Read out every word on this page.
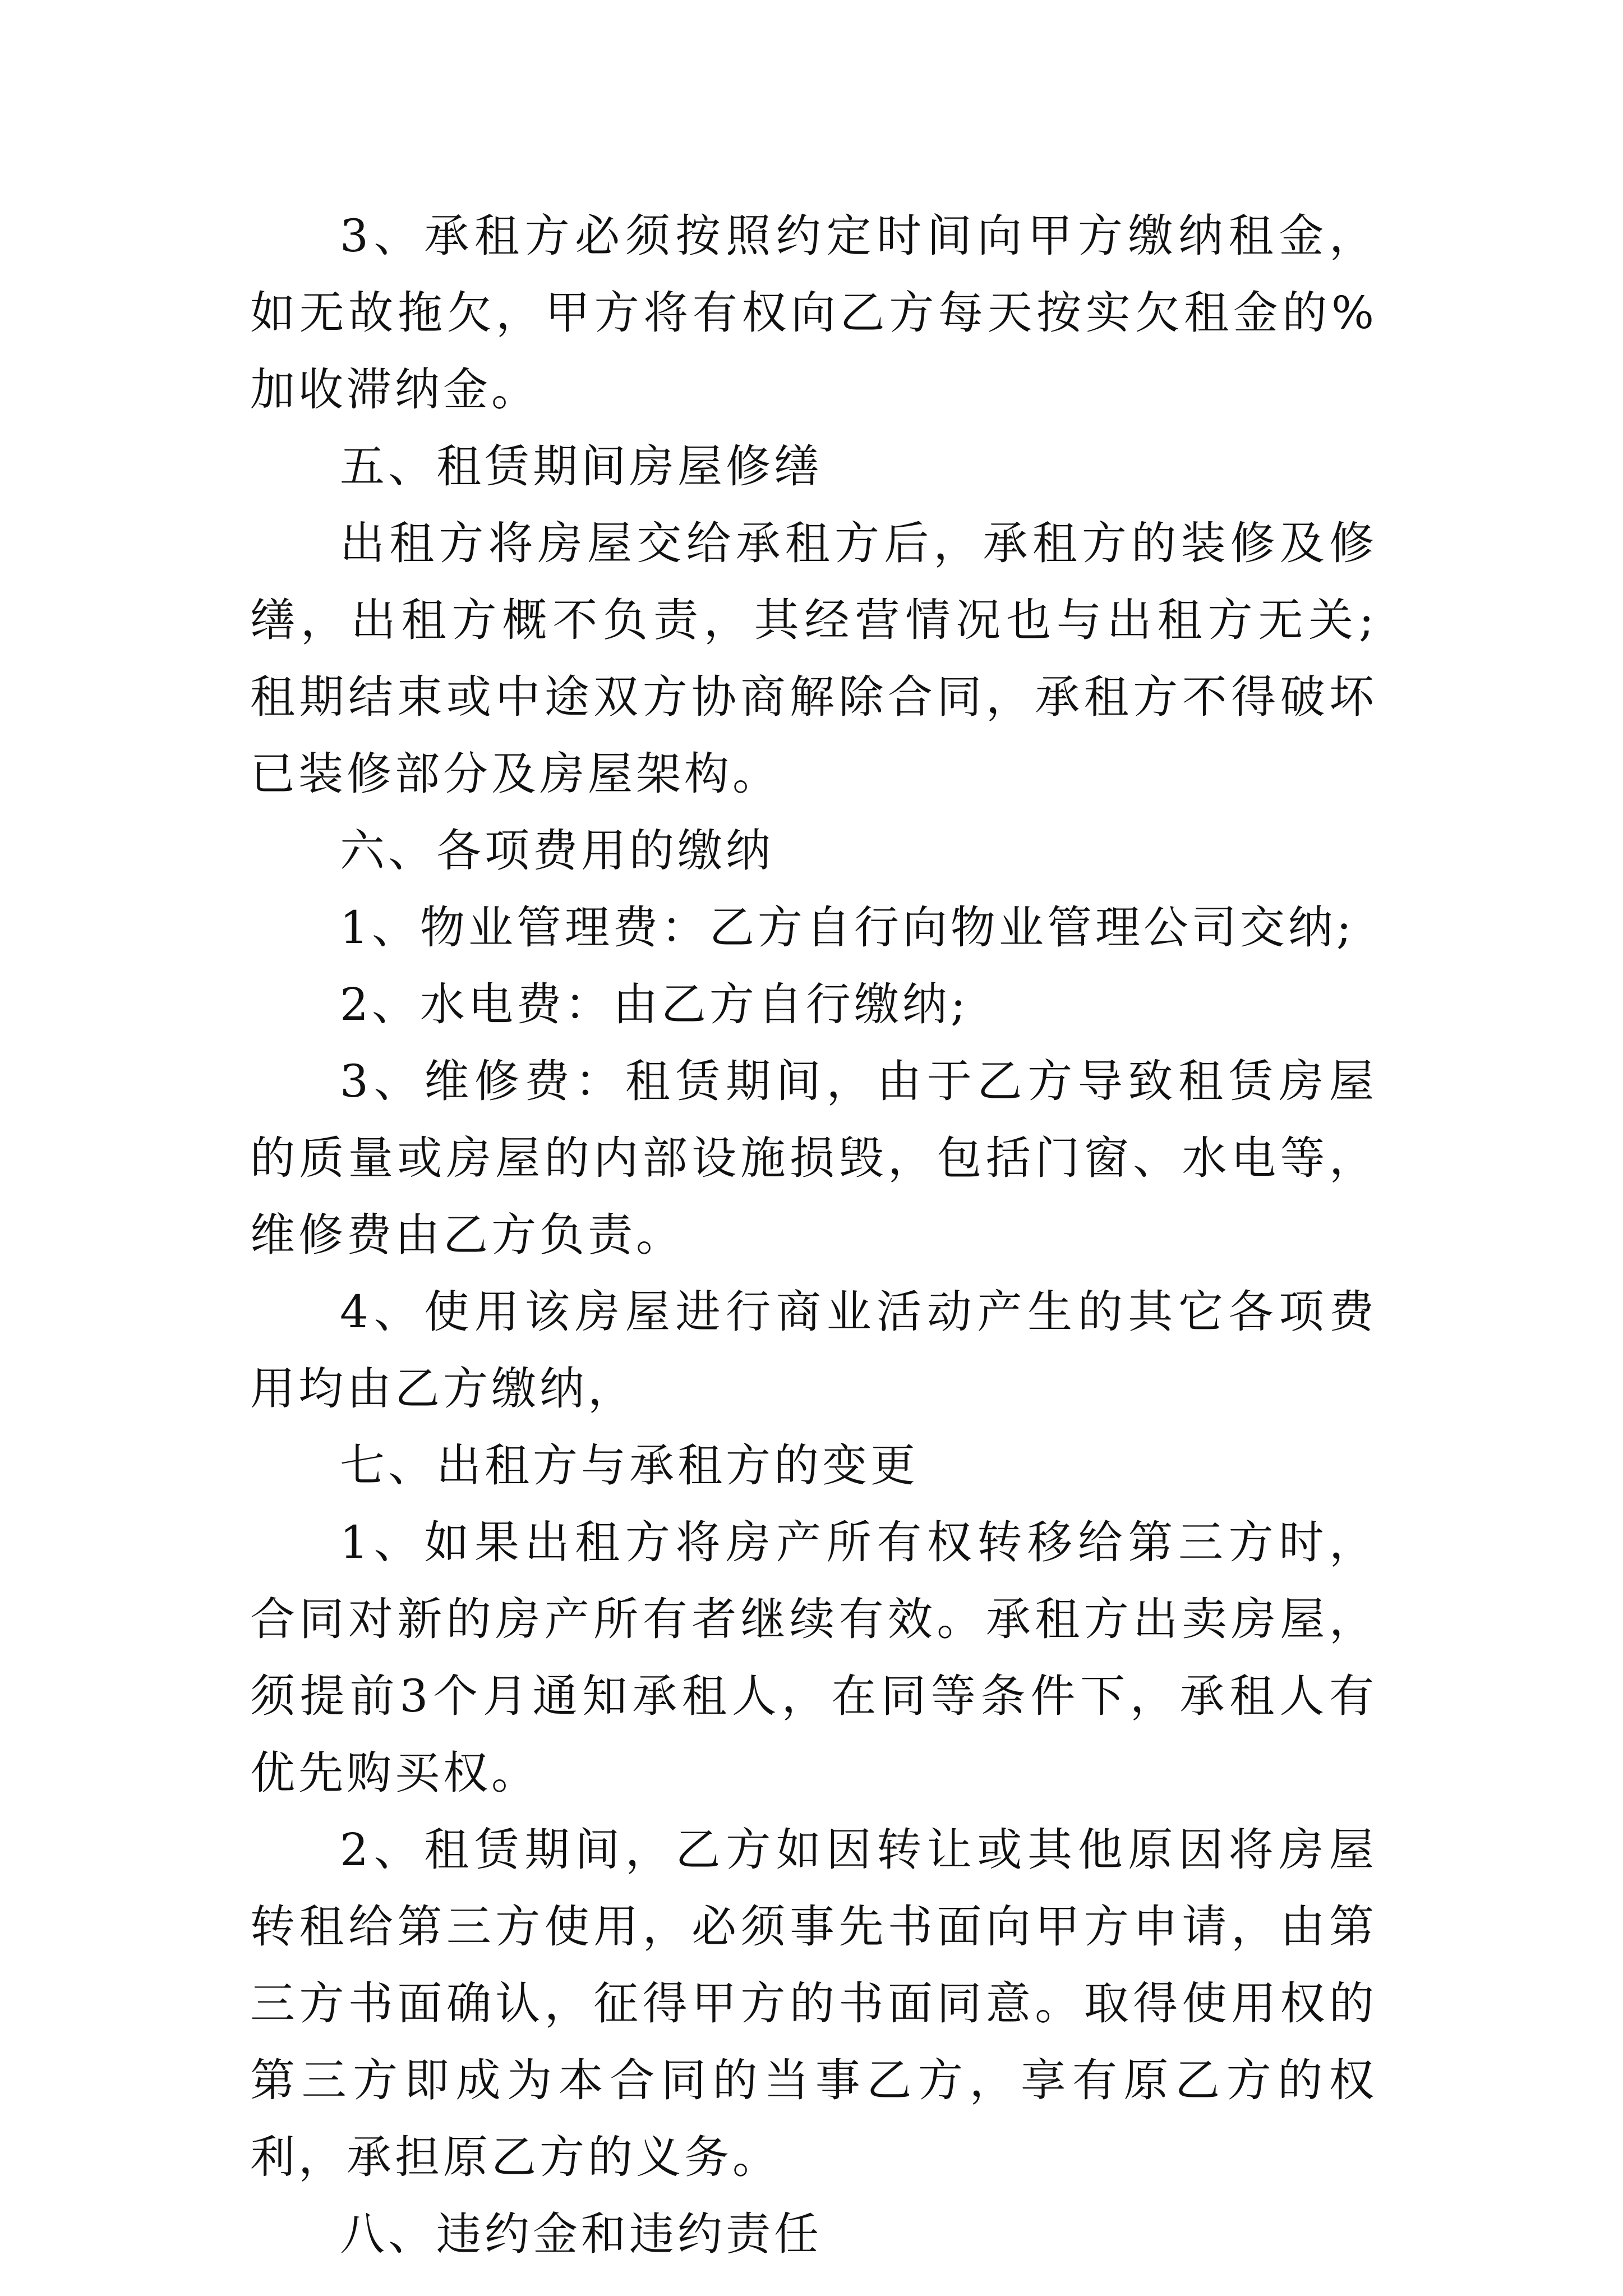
3、承租方必须按照约定时间向甲方缴纳租金，如无故拖欠，甲方将有权向乙方每天按实欠租金的%加收滞纳金。

五、租赁期间房屋修缮

出租方将房屋交给承租方后，承租方的装修及修缮，出租方概不负责，其经营情况也与出租方无关;租期结束或中途双方协商解除合同，承租方不得破坏已装修部分及房屋架构。

六、各项费用的缴纳

1、物业管理费：乙方自行向物业管理公司交纳;

2、水电费：由乙方自行缴纳;

3、维修费：租赁期间，由于乙方导致租赁房屋的质量或房屋的内部设施损毁，包括门窗、水电等，维修费由乙方负责。

4、使用该房屋进行商业活动产生的其它各项费用均由乙方缴纳，

七、出租方与承租方的变更

1、如果出租方将房产所有权转移给第三方时，合同对新的房产所有者继续有效。承租方出卖房屋，须提前3个月通知承租人，在同等条件下，承租人有优先购买权。

2、租赁期间，乙方如因转让或其他原因将房屋转租给第三方使用，必须事先书面向甲方申请，由第三方书面确认，征得甲方的书面同意。取得使用权的第三方即成为本合同的当事乙方，享有原乙方的权利，承担原乙方的义务。

八、违约金和违约责任
